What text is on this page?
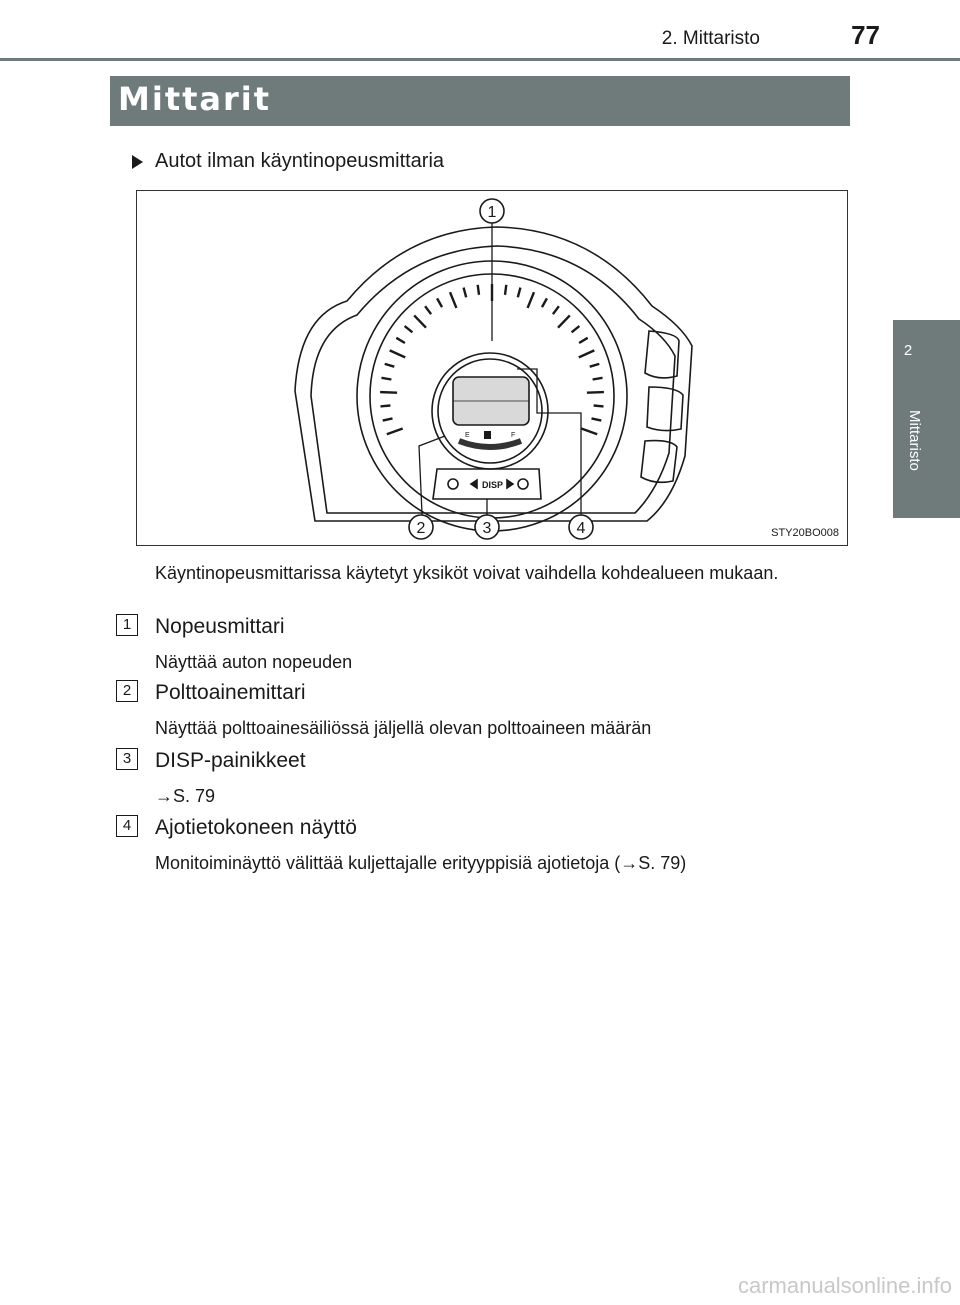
2. Mittaristo	77
2
Mittaristo
Mittarit
Autot ilman käyntinopeusmittaria
E	F
DISP
1
2	3	4	STY20BO008
Käyntinopeusmittarissa käytetyt yksiköt voivat vaihdella kohdealueen mukaan.
1	Nopeusmittari
Näyttää auton nopeuden
2	Polttoainemittari
Näyttää polttoainesäiliössä jäljellä olevan polttoaineen määrän
3	DISP-painikkeet
→S. 79
4	Ajotietokoneen näyttö
Monitoiminäyttö välittää kuljettajalle erityyppisiä ajotietoja (→S. 79)
carmanualsonline.info
